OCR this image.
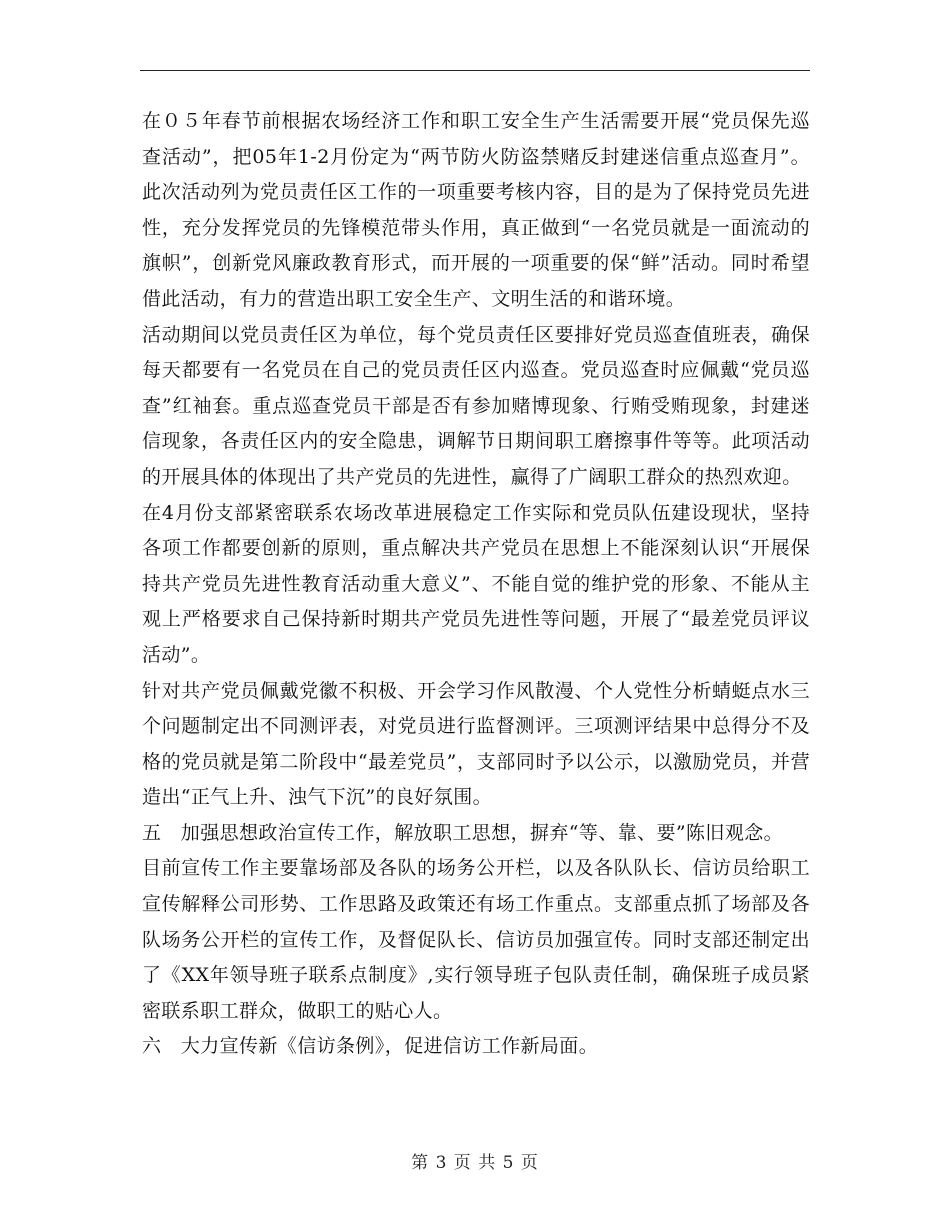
在０５年春节前根据农场经济工作和职工安全生产生活需要开展“党员保先巡查活动”，把05年1-2月份定为“两节防火防盗禁赌反封建迷信重点巡查月”。此次活动列为党员责任区工作的一项重要考核内容，目的是为了保持党员先进性，充分发挥党员的先锋模范带头作用，真正做到“一名党员就是一面流动的旗帜”，创新党风廉政教育形式，而开展的一项重要的保“鲜”活动。同时希望借此活动，有力的营造出职工安全生产、文明生活的和谐环境。

活动期间以党员责任区为单位，每个党员责任区要排好党员巡查值班表，确保每天都要有一名党员在自己的党员责任区内巡查。党员巡查时应佩戴“党员巡查”红袖套。重点巡查党员干部是否有参加赌博现象、行贿受贿现象，封建迷信现象，各责任区内的安全隐患，调解节日期间职工磨擦事件等等。此项活动的开展具体的体现出了共产党员的先进性，赢得了广阔职工群众的热烈欢迎。

在4月份支部紧密联系农场改革进展稳定工作实际和党员队伍建设现状，坚持各项工作都要创新的原则，重点解决共产党员在思想上不能深刻认识“开展保持共产党员先进性教育活动重大意义”、不能自觉的维护党的形象、不能从主观上严格要求自己保持新时期共产党员先进性等问题，开展了“最差党员评议活动”。

针对共产党员佩戴党徽不积极、开会学习作风散漫、个人党性分析蜻蜓点水三个问题制定出不同测评表，对党员进行监督测评。三项测评结果中总得分不及格的党员就是第二阶段中“最差党员”，支部同时予以公示，以激励党员，并营造出“正气上升、浊气下沉”的良好氛围。

五　加强思想政治宣传工作，解放职工思想，摒弃“等、靠、要”陈旧观念。

目前宣传工作主要靠场部及各队的场务公开栏，以及各队队长、信访员给职工宣传解释公司形势、工作思路及政策还有场工作重点。支部重点抓了场部及各队场务公开栏的宣传工作，及督促队长、信访员加强宣传。同时支部还制定出了《XX年领导班子联系点制度》,实行领导班子包队责任制，确保班子成员紧密联系职工群众，做职工的贴心人。

六　大力宣传新《信访条例》，促进信访工作新局面。

第 3 页 共 5 页
